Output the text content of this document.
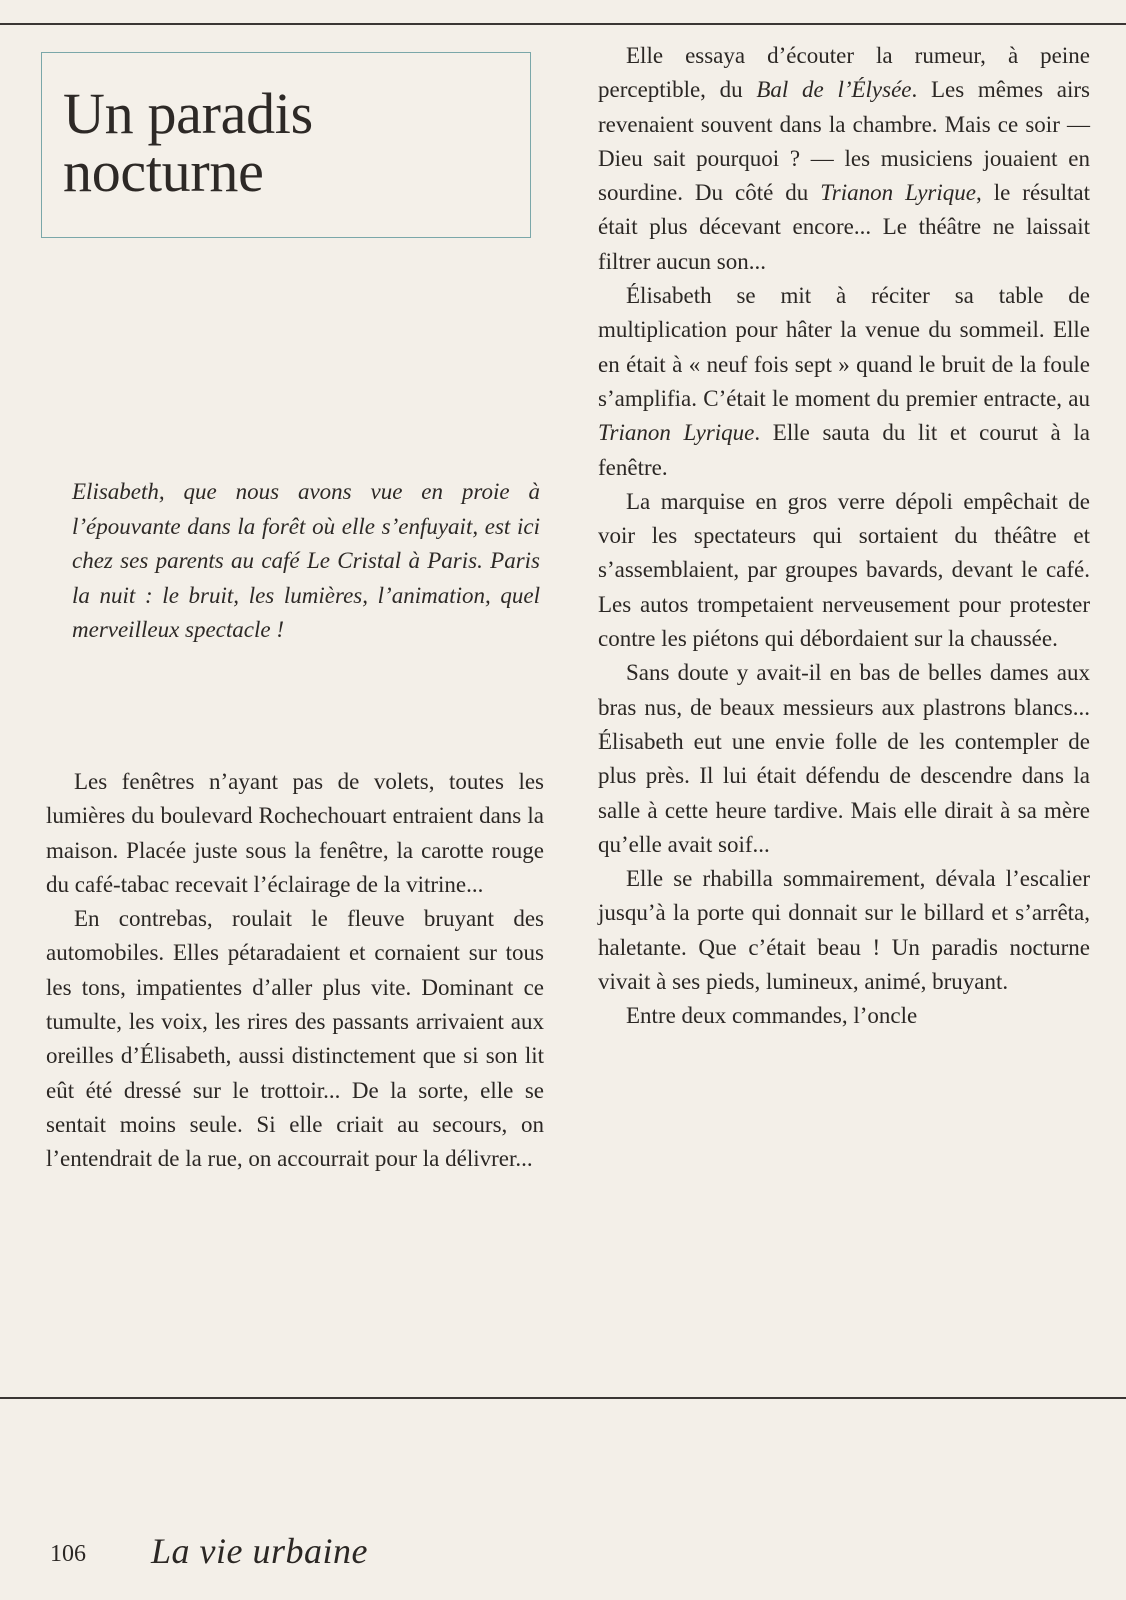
Un paradis
nocturne

Elisabeth, que nous avons vue en proie à l’épouvante dans la forêt où elle s’enfuyait, est ici chez ses parents au café Le Cristal à Paris. Paris la nuit : le bruit, les lumières, l’animation, quel merveilleux spectacle !

Les fenêtres n’ayant pas de volets, toutes les lumières du boulevard Rochechouart entraient dans la maison. Placée juste sous la fenêtre, la carotte rouge du café-tabac recevait l’éclairage de la vitrine...

En contrebas, roulait le fleuve bruyant des automobiles. Elles pétaradaient et cornaient sur tous les tons, impatientes d’aller plus vite. Dominant ce tumulte, les voix, les rires des passants arrivaient aux oreilles d’Élisabeth, aussi distinctement que si son lit eût été dressé sur le trottoir... De la sorte, elle se sentait moins seule. Si elle criait au secours, on l’entendrait de la rue, on accourrait pour la délivrer...

Elle essaya d’écouter la rumeur, à peine perceptible, du Bal de l’Élysée. Les mêmes airs revenaient souvent dans la chambre. Mais ce soir — Dieu sait pourquoi ? — les musiciens jouaient en sourdine. Du côté du Trianon Lyrique, le résultat était plus décevant encore... Le théâtre ne laissait filtrer aucun son...

Élisabeth se mit à réciter sa table de multiplication pour hâter la venue du sommeil. Elle en était à « neuf fois sept » quand le bruit de la foule s’amplifia. C’était le moment du premier entracte, au Trianon Lyrique. Elle sauta du lit et courut à la fenêtre.

La marquise en gros verre dépoli empêchait de voir les spectateurs qui sortaient du théâtre et s’assemblaient, par groupes bavards, devant le café. Les autos trompetaient nerveusement pour protester contre les piétons qui débordaient sur la chaussée.

Sans doute y avait-il en bas de belles dames aux bras nus, de beaux messieurs aux plastrons blancs... Élisabeth eut une envie folle de les contempler de plus près. Il lui était défendu de descendre dans la salle à cette heure tardive. Mais elle dirait à sa mère qu’elle avait soif...

Elle se rhabilla sommairement, dévala l’escalier jusqu’à la porte qui donnait sur le billard et s’arrêta, haletante. Que c’était beau ! Un paradis nocturne vivait à ses pieds, lumineux, animé, bruyant.

Entre deux commandes, l’oncle

106 La vie urbaine
